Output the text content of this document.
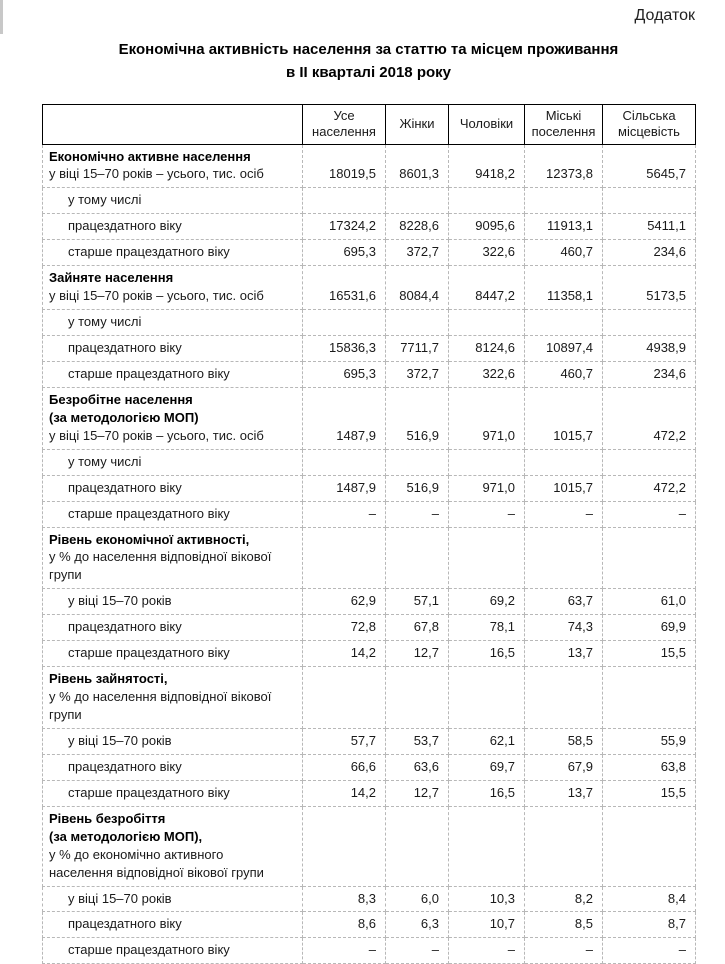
Додаток
Економічна активність населення за статтю та місцем проживання
в ІІ кварталі 2018 року
	Усе населення	Жінки	Чоловіки	Міські поселення	Сільська місцевість

Економічно активне населення
у віці 15–70 років – усього, тис. осіб	18019,5	8601,3	9418,2	12373,8	5645,7

у тому числі					

працездатного віку	17324,2	8228,6	9095,6	11913,1	5411,1

старше працездатного віку	695,3	372,7	322,6	460,7	234,6

Зайняте населення
у віці 15–70 років – усього, тис. осіб	16531,6	8084,4	8447,2	11358,1	5173,5

у тому числі					

працездатного віку	15836,3	7711,7	8124,6	10897,4	4938,9

старше працездатного віку	695,3	372,7	322,6	460,7	234,6

Безробітне населення
(за методологією МОП)
у віці 15–70 років – усього, тис. осіб	1487,9	516,9	971,0	1015,7	472,2

у тому числі					

працездатного віку	1487,9	516,9	971,0	1015,7	472,2

старше працездатного віку	–	–	–	–	–

Рівень економічної активності,
у % до населення відповідної вікової
групи					

у віці 15–70 років	62,9	57,1	69,2	63,7	61,0

працездатного віку	72,8	67,8	78,1	74,3	69,9

старше працездатного віку	14,2	12,7	16,5	13,7	15,5

Рівень зайнятості,
у % до населення відповідної вікової
групи					

у віці 15–70 років	57,7	53,7	62,1	58,5	55,9

працездатного віку	66,6	63,6	69,7	67,9	63,8

старше працездатного віку	14,2	12,7	16,5	13,7	15,5

Рівень безробіття
(за методологією МОП),
у % до економічно активного
населення відповідної вікової групи					

у віці 15–70 років	8,3	6,0	10,3	8,2	8,4

працездатного віку	8,6	6,3	10,7	8,5	8,7

старше працездатного віку	–	–	–	–	–
